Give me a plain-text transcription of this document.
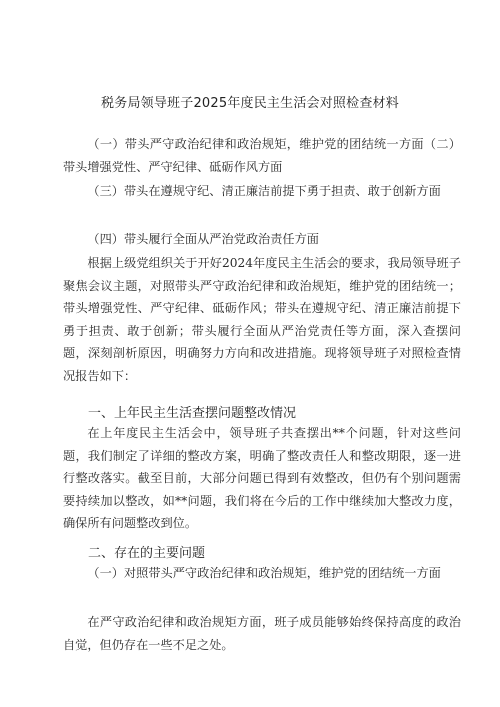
税务局领导班子2025年度民主生活会对照检查材料

（一）带头严守政治纪律和政治规矩，维护党的团结统一方面（二）带头增强党性、严守纪律、砥砺作风方面

（三）带头在遵规守纪、清正廉洁前提下勇于担责、敢于创新方面

（四）带头履行全面从严治党政治责任方面

根据上级党组织关于开好2024年度民主生活会的要求，我局领导班子聚焦会议主题，对照带头严守政治纪律和政治规矩，维护党的团结统一；带头增强党性、严守纪律、砥砺作风；带头在遵规守纪、清正廉洁前提下勇于担责、敢于创新；带头履行全面从严治党责任等方面，深入查摆问题，深刻剖析原因，明确努力方向和改进措施。现将领导班子对照检查情况报告如下：

一、上年民主生活查摆问题整改情况

在上年度民主生活会中，领导班子共查摆出**个问题，针对这些问题，我们制定了详细的整改方案，明确了整改责任人和整改期限，逐一进行整改落实。截至目前，大部分问题已得到有效整改，但仍有个别问题需要持续加以整改，如**问题，我们将在今后的工作中继续加大整改力度，确保所有问题整改到位。

二、存在的主要问题

（一）对照带头严守政治纪律和政治规矩，维护党的团结统一方面

在严守政治纪律和政治规矩方面，班子成员能够始终保持高度的政治自觉，但仍存在一些不足之处。
